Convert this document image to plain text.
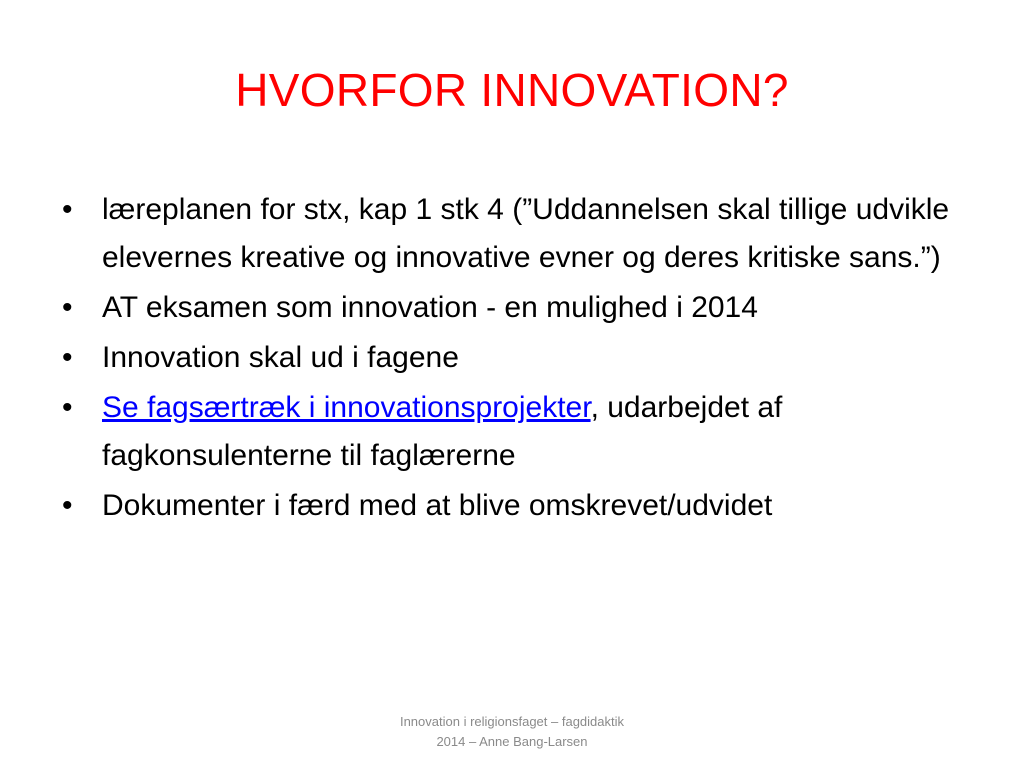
HVORFOR INNOVATION?
• læreplanen for stx, kap 1 stk 4 (”Uddannelsen skal tillige udvikle elevernes kreative og innovative evner og deres kritiske sans.”)
• AT eksamen som innovation - en mulighed i 2014
• Innovation skal ud i fagene
• Se fagsærtræk i innovationsprojekter, udarbejdet af fagkonsulenterne til faglærerne
• Dokumenter i færd med at blive omskrevet/udvidet
Innovation i religionsfaget – fagdidaktik
2014 – Anne Bang-Larsen
